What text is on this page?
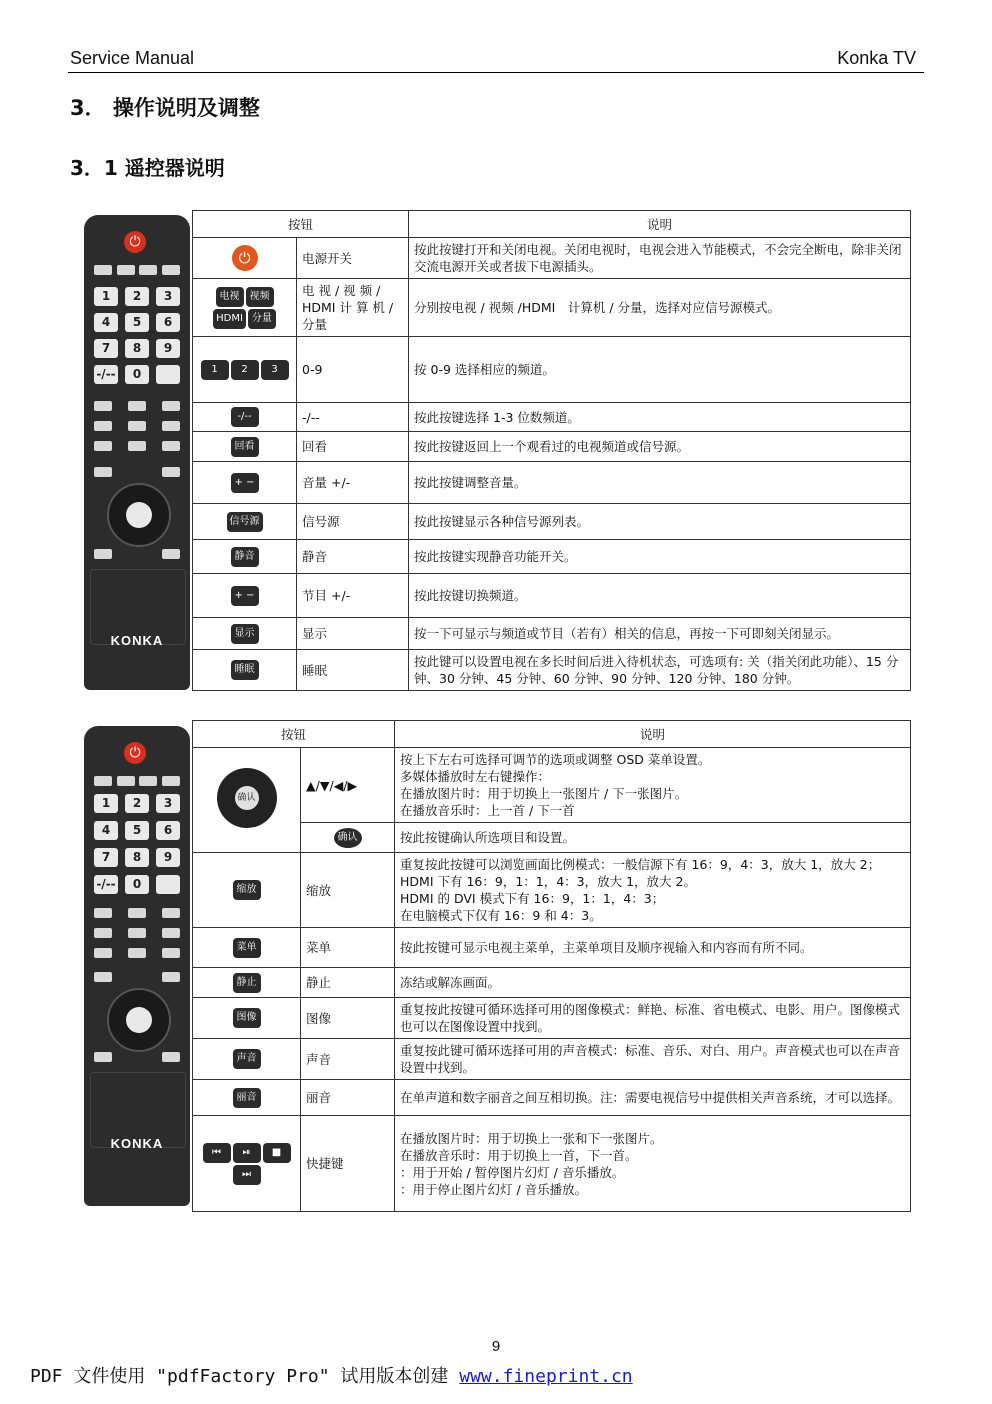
Service Manual	Konka TV
3． 操作说明及调整
3．1 遥控器说明
⏻
1	2	3
4	5	6
7	8	9
-/--	0
KONKA
⏻
1	2	3
4	5	6
7	8	9
-/--	0
KONKA
按钮		说明
⏻	电源开关	按此按键打开和关闭电视。关闭电视时，电视会进入节能模式，不会完全断电，除非关闭交流电源开关或者拔下电源插头。
电视 视频HDMI 分量	电 视 / 视 频 / HDMI 计 算 机 / 分量	分别按电视 / 视频 /HDMI　计算机 / 分量，选择对应信号源模式。
1 2 3	0-9	按 0-9 选择相应的频道。
-/--	-/--	按此按键选择 1-3 位数频道。
回看	回看	按此按键返回上一个观看过的电视频道或信号源。
+ −	音量 +/-	按此按键调整音量。
信号源	信号源	按此按键显示各种信号源列表。
静音	静音	按此按键实现静音功能开关。
+ −	节目 +/-	按此按键切换频道。
显示	显示	按一下可显示与频道或节目（若有）相关的信息，再按一下可即刻关闭显示。
睡眠	睡眠	按此键可以设置电视在多长时间后进入待机状态，可选项有: 关（指关闭此功能）、15 分钟、30 分钟、45 分钟、60 分钟、90 分钟、120 分钟、180 分钟。
按钮		说明

确认	▲/▼/◀/▶	按上下左右可选择可调节的选项或调整 OSD 菜单设置。
多媒体播放时左右键操作：
在播放图片时：用于切换上一张图片 / 下一张图片。
在播放音乐时：上一首 / 下一首
	确认	按此按键确认所选项目和设置。
缩放	缩放	重复按此按键可以浏览画面比例模式：一般信源下有 16：9，4：3，放大 1，放大 2；
HDMI 下有 16：9，1：1，4：3，放大 1，放大 2。
HDMI 的 DVI 模式下有 16：9，1：1，4：3；
在电脑模式下仅有 16：9 和 4：3。
菜单	菜单	按此按键可显示电视主菜单，主菜单项目及顺序视输入和内容而有所不同。
静止	静止	冻结或解冻画面。
图像	图像	重复按此按键可循环选择可用的图像模式：鲜艳、标准、省电模式、电影、用户。图像模式也可以在图像设置中找到。
声音	声音	重复按此键可循环选择可用的声音模式：标准、音乐、对白、用户。声音模式也可以在声音设置中找到。
丽音	丽音	在单声道和数字丽音之间互相切换。注：需要电视信号中提供相关声音系统，才可以选择。
⏮ ⏯ ■⏭	快捷键	在播放图片时：用于切换上一张和下一张图片。
在播放音乐时：用于切换上一首，下一首。
：用于开始 / 暂停图片幻灯 / 音乐播放。
：用于停止图片幻灯 / 音乐播放。
9
PDF 文件使用 "pdfFactory Pro" 试用版本创建 www.fineprint.cn
